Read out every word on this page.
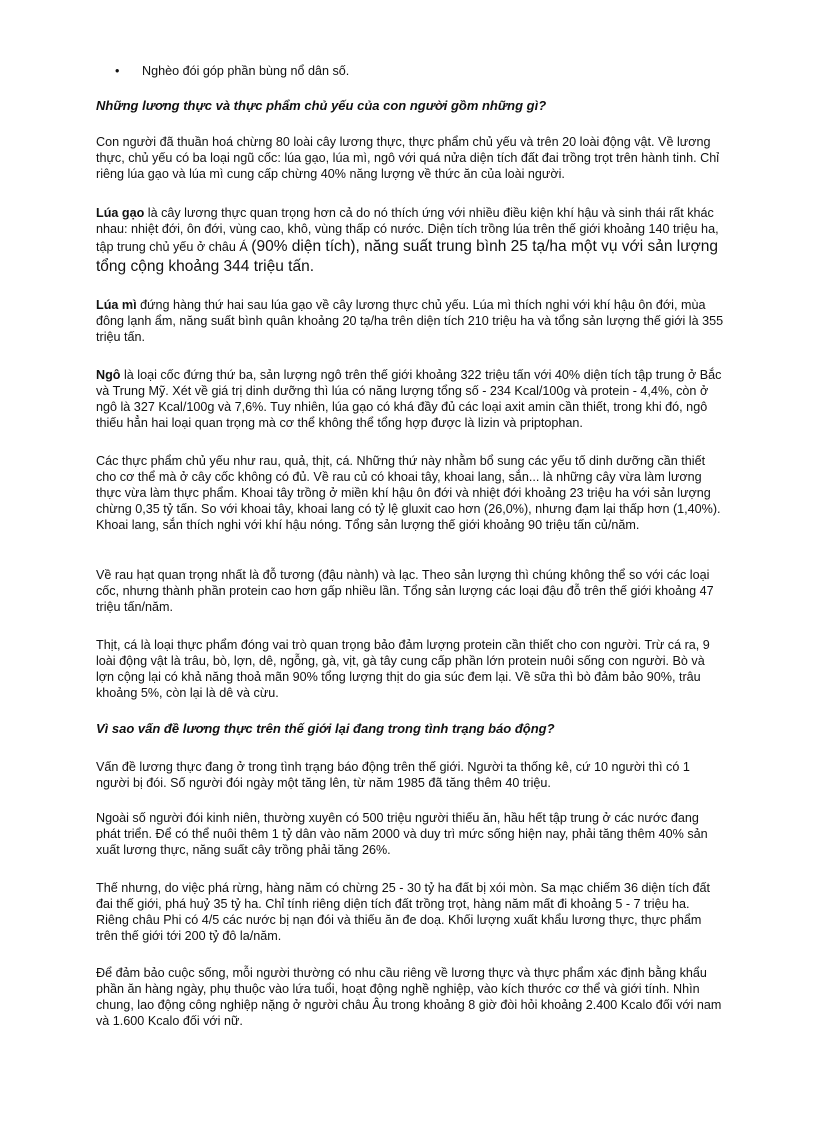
• Nghèo đói góp phần bùng nổ dân số.

Những lương thực và thực phẩm chủ yếu của con người gồm những gì?

Con người đã thuần hoá chừng 80 loài cây lương thực, thực phẩm chủ yếu và trên 20 loài động vật. Về lương thực, chủ yếu có ba loại ngũ cốc: lúa gạo, lúa mì, ngô với quá nửa diện tích đất đai trồng trọt trên hành tinh. Chỉ riêng lúa gạo và lúa mì cung cấp chừng 40% năng lượng về thức ăn của loài người.

Lúa gạo là cây lương thực quan trọng hơn cả do nó thích ứng với nhiều điều kiện khí hậu và sinh thái rất khác nhau: nhiệt đới, ôn đới, vùng cao, khô, vùng thấp có nước. Diện tích trồng lúa trên thế giới khoảng 140 triệu ha, tập trung chủ yếu ở châu Á (90% diện tích), năng suất trung bình 25 tạ/ha một vụ với sản lượng tổng cộng khoảng 344 triệu tấn.

Lúa mì đứng hàng thứ hai sau lúa gạo về cây lương thực chủ yếu. Lúa mì thích nghi với khí hậu ôn đới, mùa đông lạnh ẩm, năng suất bình quân khoảng 20 tạ/ha trên diện tích 210 triệu ha và tổng sản lượng thế giới là 355 triệu tấn.

Ngô là loại cốc đứng thứ ba, sản lượng ngô trên thế giới khoảng 322 triệu tấn với 40% diện tích tập trung ở Bắc và Trung Mỹ. Xét về giá trị dinh dưỡng thì lúa có năng lượng tổng số - 234 Kcal/100g và protein - 4,4%, còn ở ngô là 327 Kcal/100g và 7,6%. Tuy nhiên, lúa gạo có khá đầy đủ các loại axit amin cần thiết, trong khi đó, ngô thiếu hẳn hai loại quan trọng mà cơ thể không thể tổng hợp được là lizin và priptophan.

Các thực phẩm chủ yếu như rau, quả, thịt, cá. Những thứ này nhằm bổ sung các yếu tố dinh dưỡng cần thiết cho cơ thể mà ở cây cốc không có đủ. Về rau củ có khoai tây, khoai lang, sắn... là những cây vừa làm lương thực vừa làm thực phẩm. Khoai tây trồng ở miền khí hậu ôn đới và nhiệt đới khoảng 23 triệu ha với sản lượng chừng 0,35 tỷ tấn. So với khoai tây, khoai lang có tỷ lệ gluxit cao hơn (26,0%), nhưng đạm lại thấp hơn (1,40%). Khoai lang, sắn thích nghi với khí hậu nóng. Tổng sản lượng thế giới khoảng 90 triệu tấn củ/năm.

Về rau hạt quan trọng nhất là đỗ tương (đậu nành) và lạc. Theo sản lượng thì chúng không thể so với các loại cốc, nhưng thành phần protein cao hơn gấp nhiều lần. Tổng sản lượng các loại đậu đỗ trên thế giới khoảng 47 triệu tấn/năm.

Thịt, cá là loại thực phẩm đóng vai trò quan trọng bảo đảm lượng protein cần thiết cho con người. Trừ cá ra, 9 loài động vật là trâu, bò, lợn, dê, ngỗng, gà, vịt, gà tây cung cấp phần lớn protein nuôi sống con người. Bò và lợn cộng lại có khả năng thoả mãn 90% tổng lượng thịt do gia súc đem lại. Về sữa thì bò đảm bảo 90%, trâu khoảng 5%, còn lại là dê và cừu.

Vì sao vấn đề lương thực trên thế giới lại đang trong tình trạng báo động?

Vấn đề lương thực đang ở trong tình trạng báo động trên thế giới. Người ta thống kê, cứ 10 người thì có 1 người bị đói. Số người đói ngày một tăng lên, từ năm 1985 đã tăng thêm 40 triệu.

Ngoài số người đói kinh niên, thường xuyên có 500 triệu người thiếu ăn, hầu hết tập trung ở các nước đang phát triển. Để có thể nuôi thêm 1 tỷ dân vào năm 2000 và duy trì mức sống hiện nay, phải tăng thêm 40% sản xuất lương thực, năng suất cây trồng phải tăng 26%.

Thế nhưng, do việc phá rừng, hàng năm có chừng 25 - 30 tỷ ha đất bị xói mòn. Sa mạc chiếm 36 diện tích đất đai thế giới, phá huỷ 35 tỷ ha. Chỉ tính riêng diện tích đất trồng trọt, hàng năm mất đi khoảng 5 - 7 triệu ha. Riêng châu Phi có 4/5 các nước bị nạn đói và thiếu ăn đe doạ. Khối lượng xuất khẩu lương thực, thực phẩm trên thế giới tới 200 tỷ đô la/năm.

Để đảm bảo cuộc sống, mỗi người thường có nhu cầu riêng về lương thực và thực phẩm xác định bằng khẩu phần ăn hàng ngày, phụ thuộc vào lứa tuổi, hoạt động nghề nghiệp, vào kích thước cơ thể và giới tính. Nhìn chung, lao động công nghiệp nặng ở người châu Âu trong khoảng 8 giờ đòi hỏi khoảng 2.400 Kcalo đối với nam và 1.600 Kcalo đối với nữ.
